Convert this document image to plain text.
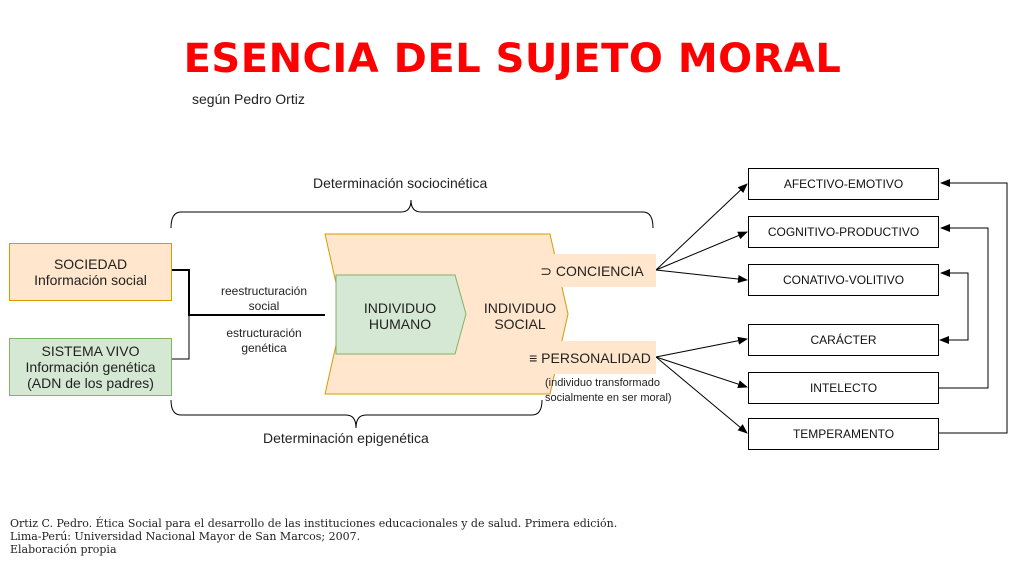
ESENCIA DEL SUJETO MORAL
según Pedro Ortiz
Determinación sociocinética
Determinación epigenética
SOCIEDAD
Información social
SISTEMA VIVO
Información genética
(ADN de los padres)
reestructuración
social
estructuración
genética
INDIVIDUO
HUMANO
INDIVIDUO
SOCIAL
⊃ CONCIENCIA
≡ PERSONALIDAD
(individuo transformado
socialmente en ser moral)
AFECTIVO-EMOTIVO
COGNITIVO-PRODUCTIVO
CONATIVO-VOLITIVO
CARÁCTER
INTELECTO
TEMPERAMENTO
Ortiz C. Pedro. Ética Social para el desarrollo de las instituciones educacionales y de salud. Primera edición.
Lima-Perú: Universidad Nacional Mayor de San Marcos; 2007.
Elaboración propia
